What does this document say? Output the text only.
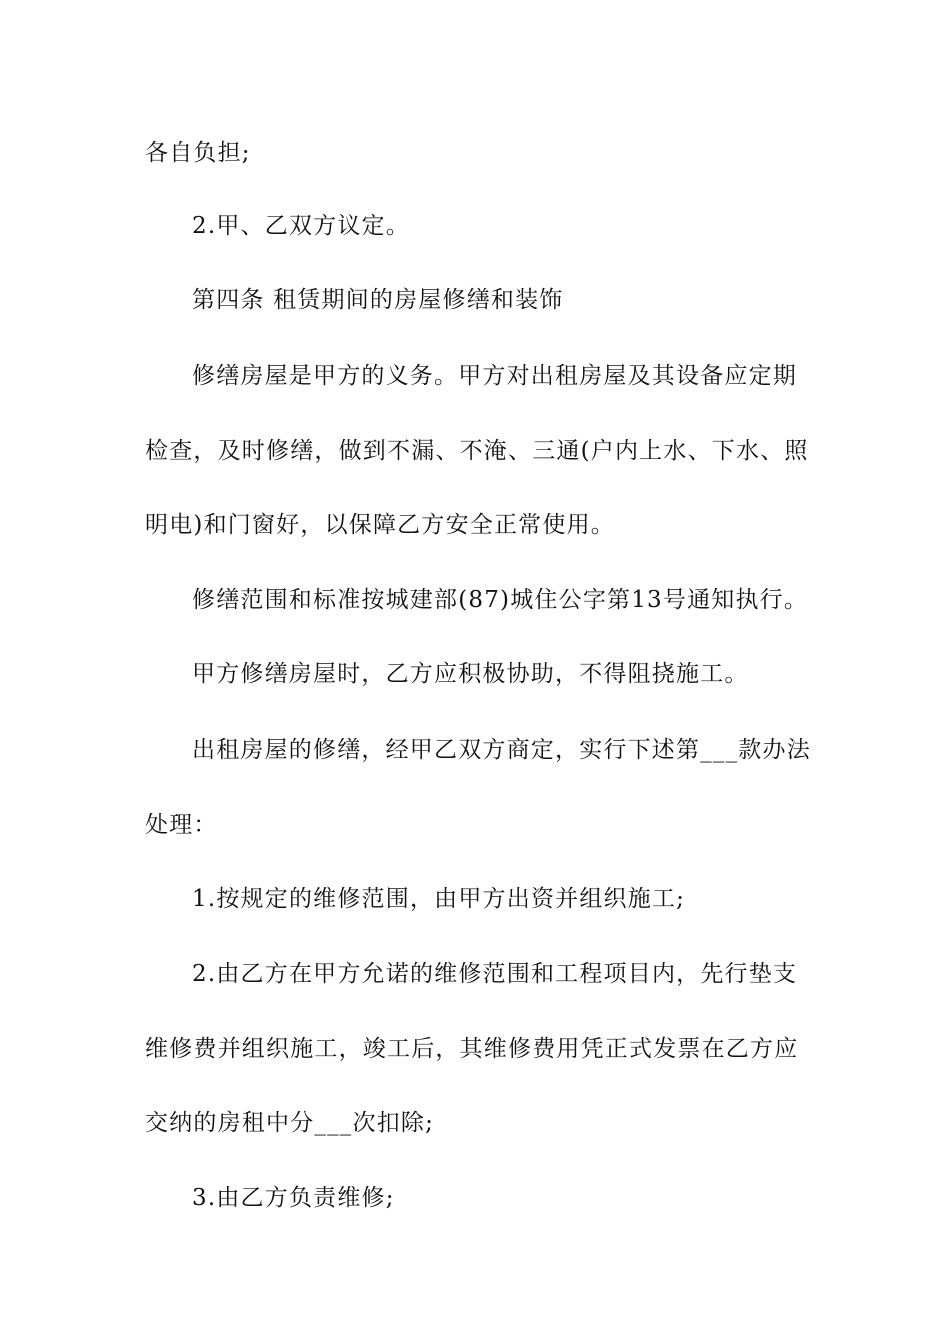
各自负担;
2.甲、乙双方议定。
第四条 租赁期间的房屋修缮和装饰
修缮房屋是甲方的义务。甲方对出租房屋及其设备应定期
检查，及时修缮，做到不漏、不淹、三通(户内上水、下水、照
明电)和门窗好，以保障乙方安全正常使用。
修缮范围和标准按城建部(87)城住公字第13号通知执行。
甲方修缮房屋时，乙方应积极协助，不得阻挠施工。
出租房屋的修缮，经甲乙双方商定，实行下述第___款办法
处理：
1.按规定的维修范围，由甲方出资并组织施工;
2.由乙方在甲方允诺的维修范围和工程项目内，先行垫支
维修费并组织施工，竣工后，其维修费用凭正式发票在乙方应
交纳的房租中分___次扣除;
3.由乙方负责维修;
